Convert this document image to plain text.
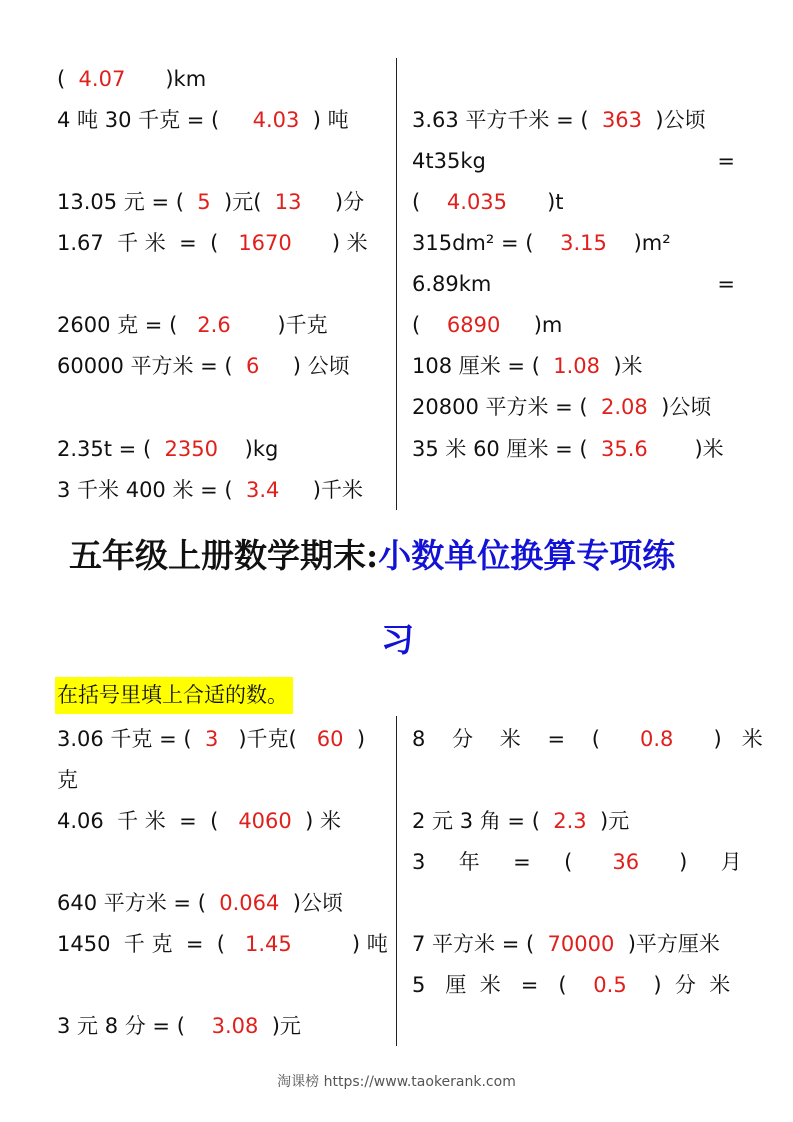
(  4.07      )km
4 吨 30 千克 = (     4.03  ) 吨
13.05 元 = (  5  )元(  13     )分
1.67  千 米  =  (   1670      ) 米
2600 克 = (   2.6       )千克
60000 平方米 = (  6     ) 公顷
2.35t = (  2350    )kg
3 千米 400 米 = (  3.4     )千米
3.63 平方千米 = (  363  )公顷
4t35kg	=
(    4.035      )t
315dm² = (    3.15    )m²
6.89km	=
(    6890     )m
108 厘米 = (  1.08  )米
20800 平方米 = (  2.08  )公顷
35 米 60 厘米 = (  35.6       )米
五年级上册数学期末:小数单位换算专项练
习
在括号里填上合适的数。
3.06 千克 = (  3   )千克(   60  )
克
4.06  千 米  =  (   4060  ) 米
640 平方米 = (  0.064  )公顷
1450  千 克  =  (   1.45         ) 吨
3 元 8 分 = (    3.08  )元
8    分    米    =    (      0.8      )   米
2 元 3 角 = (  2.3  )元
3     年     =     (      36      )     月
7 平方米 = (  70000  )平方厘米
5   厘  米   =   (    0.5    )  分  米
淘课榜 https://www.taokerank.com
